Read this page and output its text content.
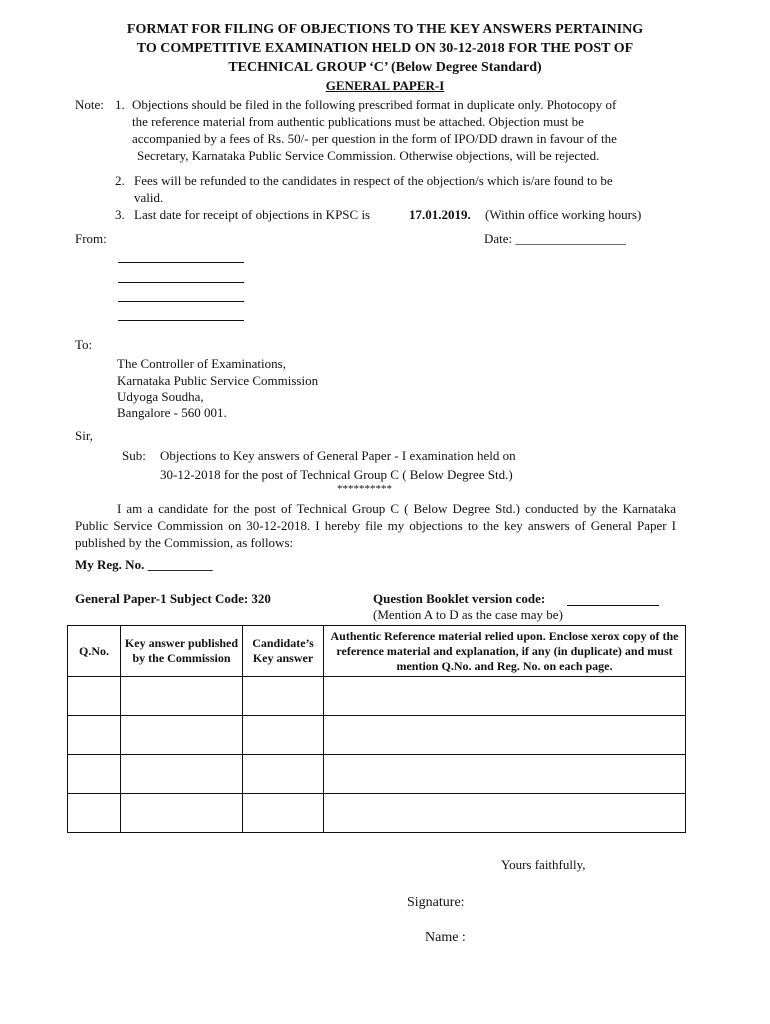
FORMAT FOR FILING OF OBJECTIONS TO THE KEY ANSWERS PERTAINING
TO COMPETITIVE EXAMINATION HELD ON 30-12-2018 FOR THE POST OF
TECHNICAL GROUP ‘C’ (Below Degree Standard)
GENERAL PAPER-I
Note: 1. Objections should be filed in the following prescribed format in duplicate only. Photocopy of
the reference material from authentic publications must be attached. Objection must be
accompanied by a fees of Rs. 50/- per question in the form of IPO/DD drawn in favour of the
Secretary, Karnataka Public Service Commission. Otherwise objections, will be rejected.
2. Fees will be refunded to the candidates in respect of the objection/s which is/are found to be
valid.
3. Last date for receipt of objections in KPSC is	17.01.2019. (Within office working hours)
From:	Date: _________________
To:
The Controller of Examinations,
Karnataka Public Service Commission
Udyoga Soudha,
Bangalore - 560 001.
Sir,
Sub: Objections to Key answers of General Paper - I examination held on
30-12-2018 for the post of Technical Group C ( Below Degree Std.)
**********
I am a candidate for the post of Technical Group C ( Below Degree Std.) conducted by the Karnataka Public Service Commission on 30-12-2018. I hereby file my objections to the key answers of General Paper I published by the Commission, as follows:
My Reg. No. __________
General Paper-1 Subject Code: 320	Question Booklet version code:
(Mention A to D as the case may be)
Q.No.	Key answer published by the Commission	Candidate’s Key answer	Authentic Reference material relied upon. Enclose xerox copy of the reference material and explanation, if any (in duplicate) and must mention Q.No. and Reg. No. on each page.

Yours faithfully,
Signature:
Name :
